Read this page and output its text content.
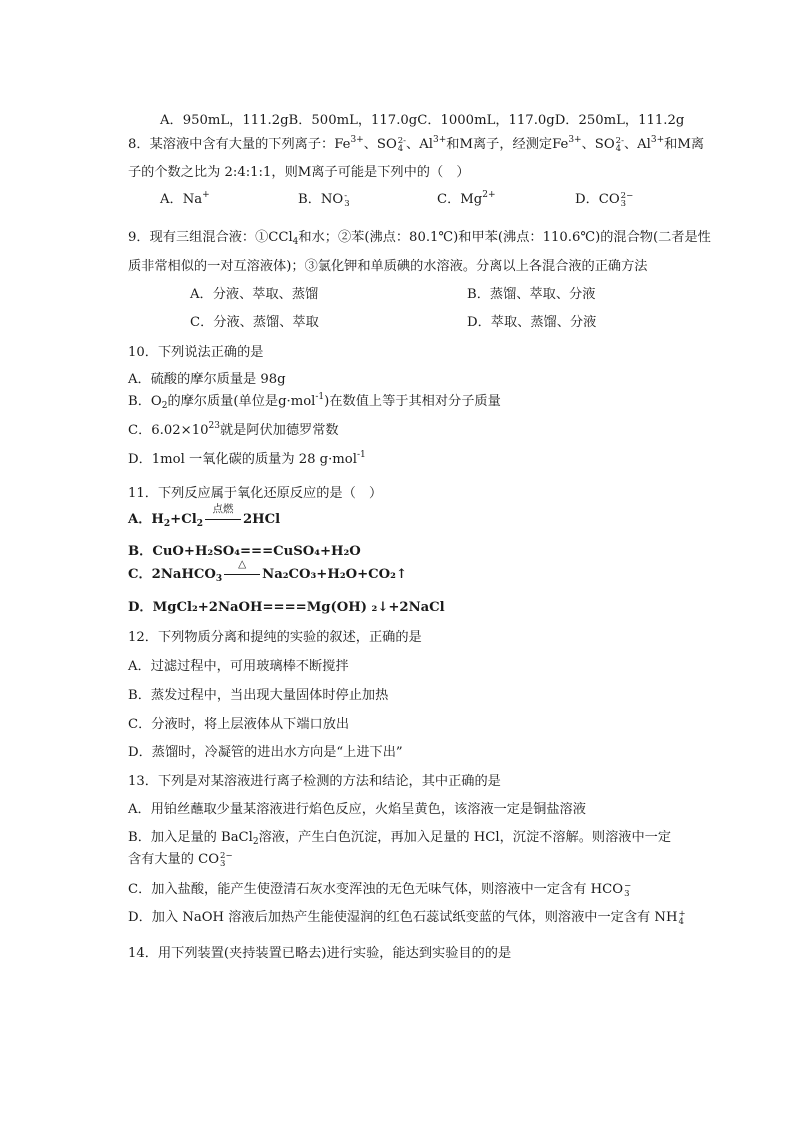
A．950mL，111.2gB．500mL，117.0gC．1000mL，117.0gD．250mL，111.2g
8．某溶液中含有大量的下列离子：$Fe^{3+}$、SO 2-
4 、$Al^{3+}$和M离子，经测定$Fe^{3+}$、SO 2-
4 、$Al^{3+}$和M离
子的个数之比为 2:4:1:1，则M离子可能是下列中的（　）
A．Na+	B．NO -
3	C．$Mg^{2+}$	D．CO 2−
3
9．现有三组混合液：①CCl$_4$和水；②苯(沸点：80.1℃)和甲苯(沸点：110.6℃)的混合物(二者是性
质非常相似的一对互溶液体)；③氯化钾和单质碘的水溶液。分离以上各混合液的正确方法
A．分液、萃取、蒸馏	B．蒸馏、萃取、分液
C．分液、蒸馏、萃取	D．萃取、蒸馏、分液
10．下列说法正确的是
A．硫酸的摩尔质量是 98g
B．$O_2$的摩尔质量(单位是g·mol$^{-1}$)在数值上等于其相对分子质量
C．$6.02\times 10^{23}$就是阿伏加德罗常数
D．1mol 一氧化碳的质量为 28 g·mol$^{-1}$
11．下列反应属于氧化还原反应的是（　）
A．$H_2+Cl_2$
点燃
2HCl
B．CuO+H₂SO₄===CuSO₄+H₂O
C．2NaHCO$_3$
△
Na₂CO₃+H₂O+CO₂↑
D．MgCl₂+2NaOH====Mg(OH) ₂↓+2NaCl
12．下列物质分离和提纯的实验的叙述，正确的是
A．过滤过程中，可用玻璃棒不断搅拌
B．蒸发过程中，当出现大量固体时停止加热
C．分液时，将上层液体从下端口放出
D．蒸馏时，冷凝管的进出水方向是“上进下出”
13．下列是对某溶液进行离子检测的方法和结论，其中正确的是
A．用铂丝蘸取少量某溶液进行焰色反应，火焰呈黄色，该溶液一定是铜盐溶液
B．加入足量的 BaCl$_2$溶液，产生白色沉淀，再加入足量的 HCl，沉淀不溶解。则溶液中一定
含有大量的 CO 2−
3
C．加入盐酸，能产生使澄清石灰水变浑浊的无色无味气体，则溶液中一定含有 HCO −
3
D．加入 NaOH 溶液后加热产生能使湿润的红色石蕊试纸变蓝的气体，则溶液中一定含有 NH +
4
14．用下列装置(夹持装置已略去)进行实验，能达到实验目的的是
